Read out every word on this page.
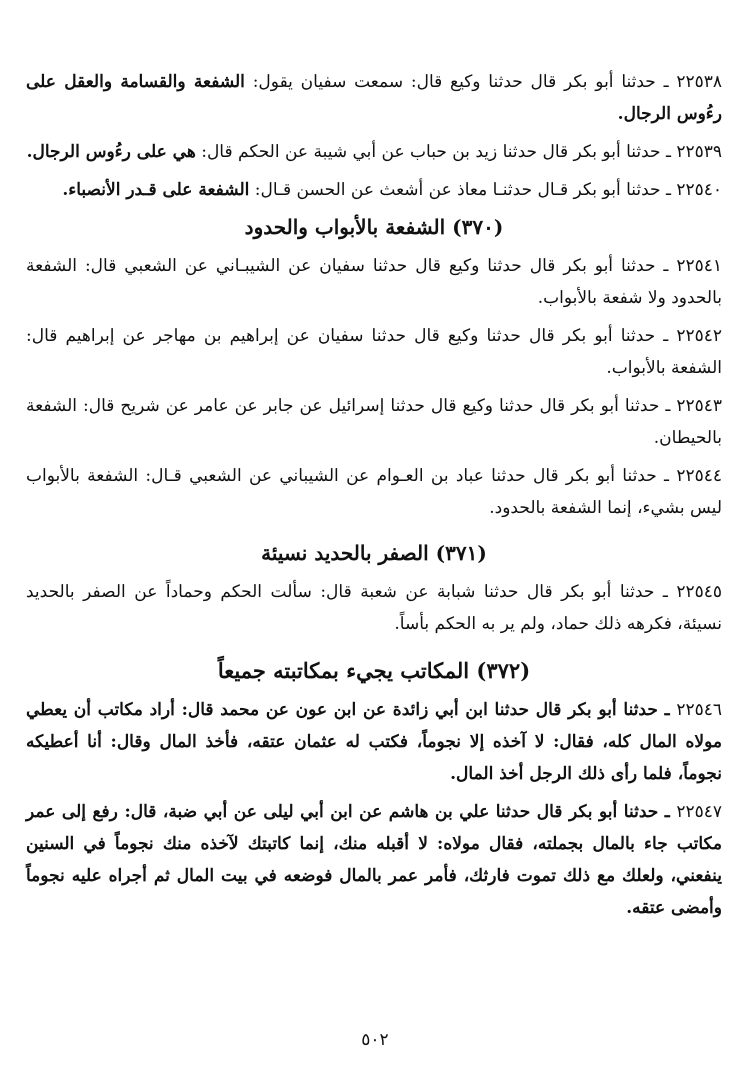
٢٢٥٣٨ ـ حدثنا أبو بكر قال حدثنا وكيع قال: سمعت سفيان يقول: الشفعة والقسامة والعقل على رءُوس الرجال.

٢٢٥٣٩ ـ حدثنا أبو بكر قال حدثنا زيد بن حباب عن أبي شيبة عن الحكم قال: هي على رءُوس الرجال.

٢٢٥٤٠ ـ حدثنا أبو بكر قـال حدثنـا معاذ عن أشعث عن الحسن قـال: الشفعة على قـدر الأنصباء.

(٣٧٠) الشفعة بالأبواب والحدود

٢٢٥٤١ ـ حدثنا أبو بكر قال حدثنا وكيع قال حدثنا سفيان عن الشيبـاني عن الشعبي قال: الشفعة بالحدود ولا شفعة بالأبواب.

٢٢٥٤٢ ـ حدثنا أبو بكر قال حدثنا وكيع قال حدثنا سفيان عن إبراهيم بن مهاجر عن إبراهيم قال: الشفعة بالأبواب.

٢٢٥٤٣ ـ حدثنا أبو بكر قال حدثنا وكيع قال حدثنا إسرائيل عن جابر عن عامر عن شريح قال: الشفعة بالحيطان.

٢٢٥٤٤ ـ حدثنا أبو بكر قال حدثنا عباد بن العـوام عن الشيباني عن الشعبي قـال: الشفعة بالأبواب ليس بشيء، إنما الشفعة بالحدود.

(٣٧١) الصفر بالحديد نسيئة

٢٢٥٤٥ ـ حدثنا أبو بكر قال حدثنا شبابة عن شعبة قال: سألت الحكم وحماداً عن الصفر بالحديد نسيئة، فكرهه ذلك حماد، ولم ير به الحكم بأساً.

(٣٧٢) المكاتب يجيء بمكاتبته جميعاً

٢٢٥٤٦ ـ حدثنا أبو بكر قال حدثنا ابن أبي زائدة عن ابن عون عن محمد قال: أراد مكاتب أن يعطي مولاه المال كله، فقال: لا آخذه إلا نجوماً، فكتب له عثمان عتقه، فأخذ المال وقال: أنا أعطيكه نجوماً، فلما رأى ذلك الرجل أخذ المال.

٢٢٥٤٧ ـ حدثنا أبو بكر قال حدثنا علي بن هاشم عن ابن أبي ليلى عن أبي ضبة، قال: رفع إلى عمر مكاتب جاء بالمال بجملته، فقال مولاه: لا أقبله منك، إنما كاتبتك لآخذه منك نجوماً في السنين ينفعني، ولعلك مع ذلك تموت فارثك، فأمر عمر بالمال فوضعه في بيت المال ثم أجراه عليه نجوماً وأمضى عتقه.

٥٠٢
